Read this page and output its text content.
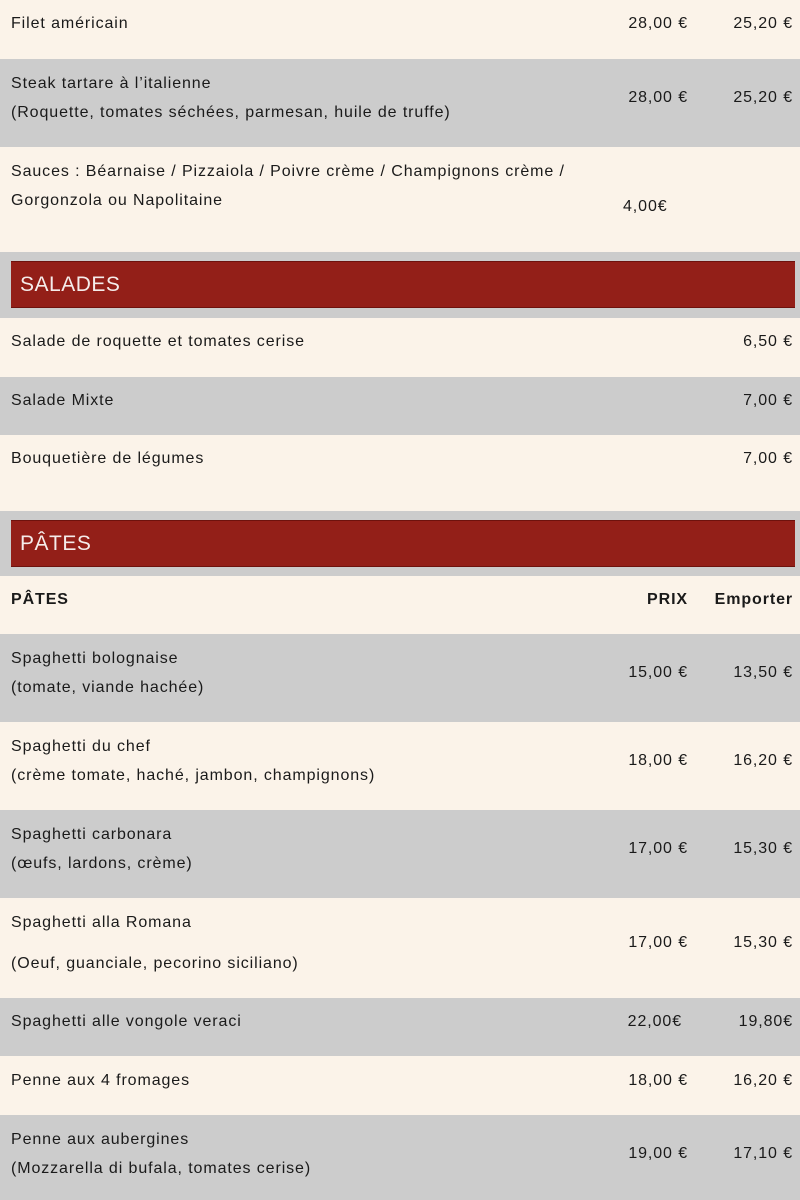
Filet américain	28,00 €	25,20 €
Steak tartare à l’italienne
(Roquette, tomates séchées, parmesan, huile de truffe)
28,00 €	25,20 €
Sauces : Béarnaise / Pizzaiola / Poivre crème / Champignons crème /
Gorgonzola ou Napolitaine	4,00€
SALADES
Salade de roquette et tomates cerise	6,50 €
Salade Mixte	7,00 €
Bouquetière de légumes	7,00 €
PÂTES
PÂTES	PRIX Emporter
Spaghetti bolognaise
(tomate, viande hachée)
15,00 €	13,50 €
Spaghetti du chef
(crème tomate, haché, jambon, champignons)
18,00 €	16,20 €
Spaghetti carbonara
(œufs, lardons, crème)
17,00 €	15,30 €
Spaghetti alla Romana
(Oeuf, guanciale, pecorino siciliano)
17,00 €	15,30 €
Spaghetti alle vongole veraci	22,00€	19,80€
Penne aux 4 fromages	18,00 €	16,20 €
Penne aux aubergines
(Mozzarella di bufala, tomates cerise)
19,00 €	17,10 €
